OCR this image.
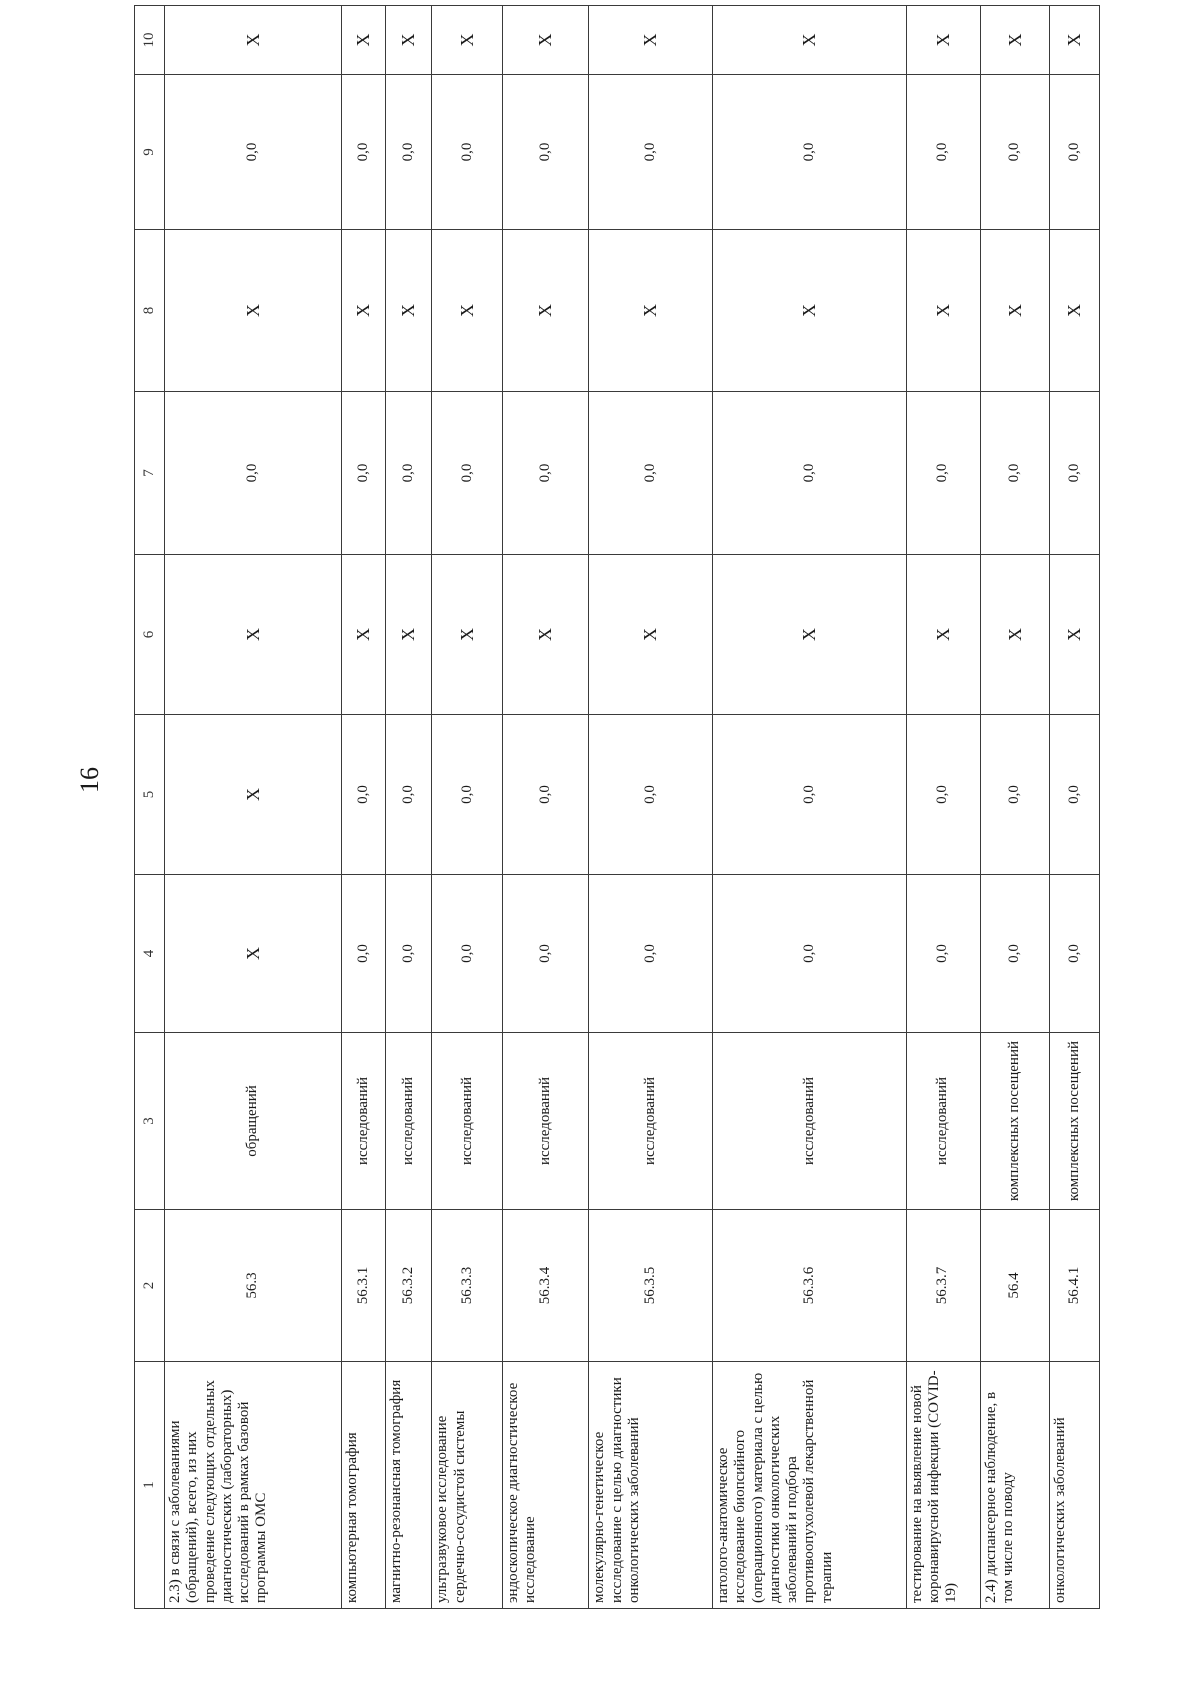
16
1	2	3	4	5	6	7	8	9	10
2.3) в связи с заболеваниями (обращений), всего, из них проведение следующих отдельных диагностических (лабораторных) исследований в рамках базовой программы ОМС	56.3	обращений	X	X	X	0,0	X	0,0	X
компьютерная томография	56.3.1	исследований	0,0	0,0	X	0,0	X	0,0	X
магнитно-резонансная томография	56.3.2	исследований	0,0	0,0	X	0,0	X	0,0	X
ультразвуковое исследование сердечно-сосудистой системы	56.3.3	исследований	0,0	0,0	X	0,0	X	0,0	X
эндоскопическое диагностическое исследование	56.3.4	исследований	0,0	0,0	X	0,0	X	0,0	X
молекулярно-генетическое исследование с целью диагностики онкологических заболеваний	56.3.5	исследований	0,0	0,0	X	0,0	X	0,0	X
патолого-анатомическое исследование биопсийного (операционного) материала с целью диагностики онкологических заболеваний и подбора противоопухолевой лекарственной терапии	56.3.6	исследований	0,0	0,0	X	0,0	X	0,0	X
тестирование на выявление новой коронавирусной инфекции (COVID-19)	56.3.7	исследований	0,0	0,0	X	0,0	X	0,0	X
2.4) диспансерное наблюдение, в том числе по поводу	56.4	комплексных посещений	0,0	0,0	X	0,0	X	0,0	X
онкологических заболеваний	56.4.1	комплексных посещений	0,0	0,0	X	0,0	X	0,0	X
